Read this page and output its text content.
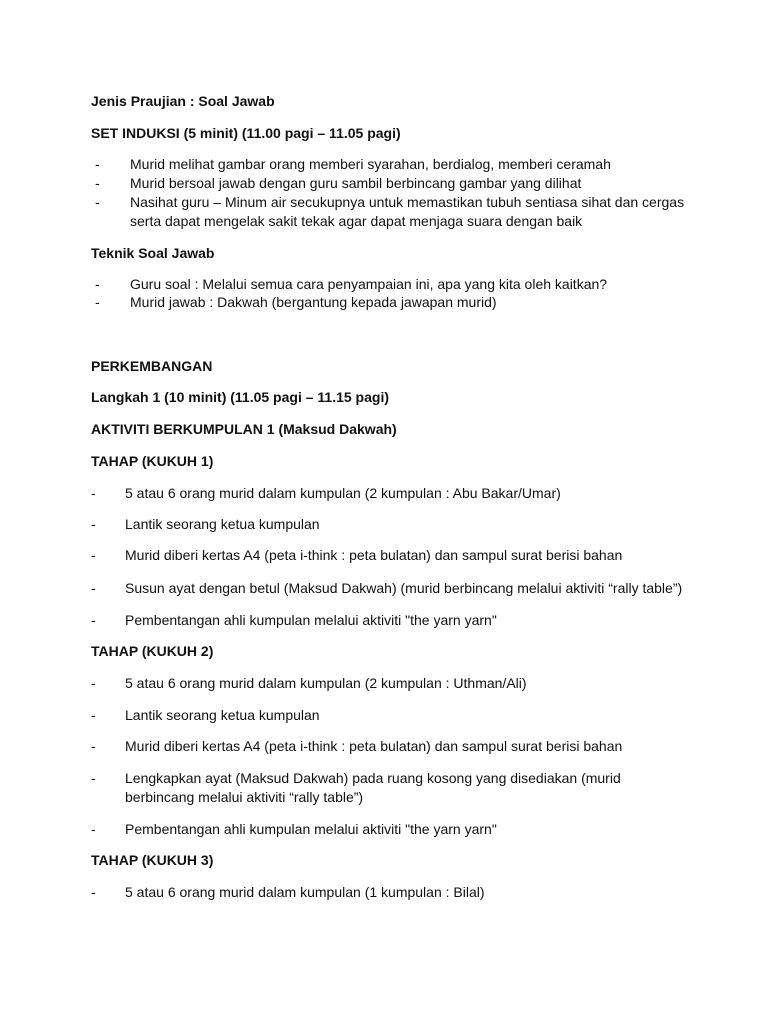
Jenis Praujian : Soal Jawab
SET INDUKSI (5 minit) (11.00 pagi – 11.05 pagi)
- Murid melihat gambar orang memberi syarahan, berdialog, memberi ceramah
- Murid bersoal jawab dengan guru sambil berbincang gambar yang dilihat
- Nasihat guru – Minum air secukupnya untuk memastikan tubuh sentiasa sihat dan cergas
serta dapat mengelak sakit tekak agar dapat menjaga suara dengan baik
Teknik Soal Jawab
- Guru soal : Melalui semua cara penyampaian ini, apa yang kita oleh kaitkan?
- Murid jawab : Dakwah (bergantung kepada jawapan murid)
PERKEMBANGAN
Langkah 1 (10 minit) (11.05 pagi – 11.15 pagi)
AKTIVITI BERKUMPULAN 1 (Maksud Dakwah)
TAHAP (KUKUH 1)
- 5 atau 6 orang murid dalam kumpulan (2 kumpulan : Abu Bakar/Umar)
- Lantik seorang ketua kumpulan
- Murid diberi kertas A4 (peta i-think : peta bulatan) dan sampul surat berisi bahan
- Susun ayat dengan betul (Maksud Dakwah) (murid berbincang melalui aktiviti “rally table”)
- Pembentangan ahli kumpulan melalui aktiviti "the yarn yarn"
TAHAP (KUKUH 2)
- 5 atau 6 orang murid dalam kumpulan (2 kumpulan : Uthman/Ali)
- Lantik seorang ketua kumpulan
- Murid diberi kertas A4 (peta i-think : peta bulatan) dan sampul surat berisi bahan
- Lengkapkan ayat (Maksud Dakwah) pada ruang kosong yang disediakan (murid
berbincang melalui aktiviti “rally table”)
- Pembentangan ahli kumpulan melalui aktiviti "the yarn yarn"
TAHAP (KUKUH 3)
- 5 atau 6 orang murid dalam kumpulan (1 kumpulan : Bilal)
